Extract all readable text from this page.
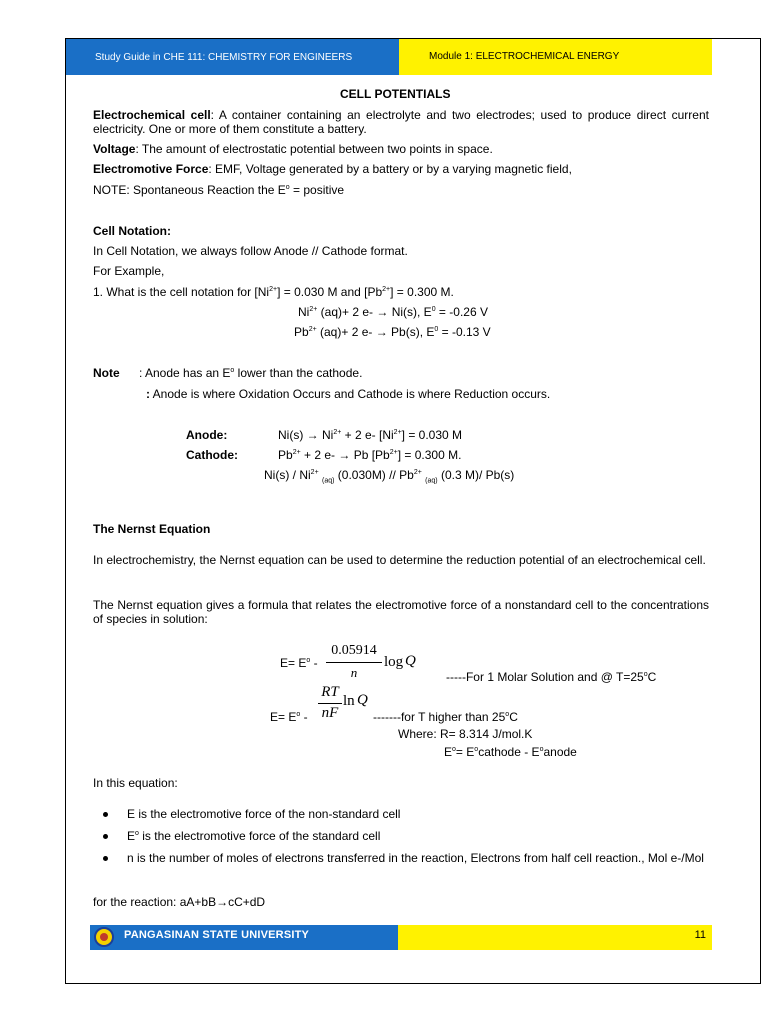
Study Guide in CHE 111: CHEMISTRY FOR ENGINEERS	Module 1: ELECTROCHEMICAL ENERGY
CELL POTENTIALS
Electrochemical cell: A container containing an electrolyte and two electrodes; used to produce direct current electricity. One or more of them constitute a battery.
Voltage: The amount of electrostatic potential between two points in space.
Electromotive Force: EMF, Voltage generated by a battery or by a varying magnetic field,
NOTE: Spontaneous Reaction the $E^o$ = positive
Cell Notation:
In Cell Notation, we always follow Anode // Cathode format.
For Example,
1. What is the cell notation for $[Ni^{2+}] = 0.030$ M and $[Pb^{2+}] = 0.300$ M.
$Ni^{2+}$ (aq)+ 2 e- → Ni(s), $E^0 = -0.26$ V
$Pb^{2+}$ (aq)+ 2 e- → Pb(s), $E^0 = -0.13$ V
Note : Anode has an $E^o$ lower than the cathode.
: Anode is where Oxidation Occurs and Cathode is where Reduction occurs.
Anode:	$Ni(s) \to Ni^{2+} + 2$ e- $[Ni^{2+}] = 0.030$ M
Cathode:	$Pb^{2+} + 2$ e- → Pb $[Pb^{2+}] = 0.300$ M.
$Ni(s) / Ni^{2+}$ $_{(aq)}$ $(0.030M) // Pb^{2+}$ $_{(aq)}$ (0.3 M)/ Pb(s)
The Nernst Equation
In electrochemistry, the Nernst equation can be used to determine the reduction potential of an electrochemical cell.
The Nernst equation gives a formula that relates the electromotive force of a nonstandard cell to the concentrations of species in solution:
$E= E^o$ -
0.05914
n
log Q
-----For 1 Molar Solution and @ $T=25^oC$
RT
nF
ln Q
$E= E^o$ -	-------for T higher than 25$^o$C
Where: R= 8.314 J/mol.K
$E^o=$ $E^ocathode$ - $E^oanode$
In this equation:
E is the electromotive force of the non-standard cell
$E^o$ is the electromotive force of the standard cell
n is the number of moles of electrons transferred in the reaction, Electrons from half cell reaction., Mol e-/Mol
for the reaction: aA+bB→cC+dD
PANGASINAN STATE UNIVERSITY	11
